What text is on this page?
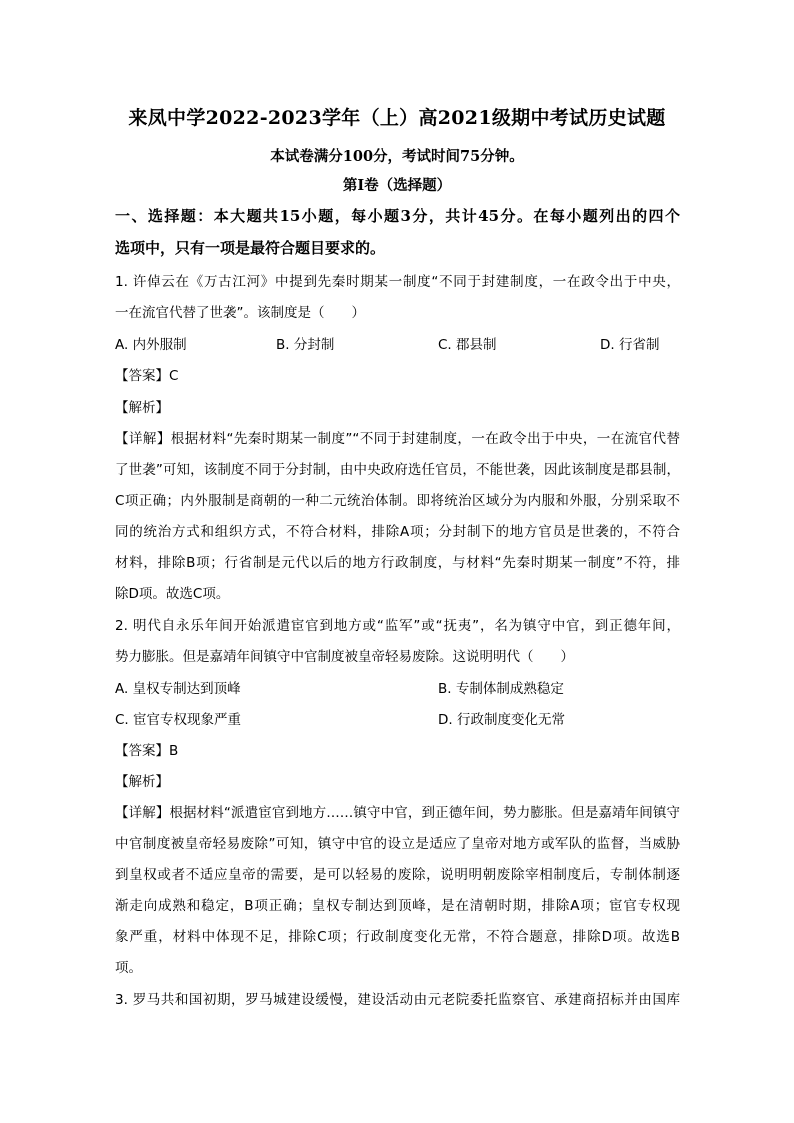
来凤中学2022-2023学年（上）高2021级期中考试历史试题
本试卷满分100分，考试时间75分钟。
第I卷（选择题）
一、选择题：本大题共15小题，每小题3分，共计45分。在每小题列出的四个
选项中，只有一项是最符合题目要求的。
1. 许倬云在《万古江河》中提到先秦时期某一制度“不同于封建制度，一在政令出于中央，
一在流官代替了世袭”。该制度是（　　）
A. 内外服制	B. 分封制	C. 郡县制	D. 行省制
【答案】C
【解析】
【详解】根据材料“先秦时期某一制度”“不同于封建制度，一在政令出于中央，一在流官代替
了世袭”可知，该制度不同于分封制，由中央政府选任官员，不能世袭，因此该制度是郡县制，
C项正确；内外服制是商朝的一种二元统治体制。即将统治区域分为内服和外服，分别采取不
同的统治方式和组织方式，不符合材料，排除A项；分封制下的地方官员是世袭的，不符合
材料，排除B项；行省制是元代以后的地方行政制度，与材料“先秦时期某一制度”不符，排
除D项。故选C项。
2. 明代自永乐年间开始派遣宦官到地方或“监军”或“抚夷”，名为镇守中官，到正德年间，
势力膨胀。但是嘉靖年间镇守中官制度被皇帝轻易废除。这说明明代（　　）
A. 皇权专制达到顶峰	B. 专制体制成熟稳定
C. 宦官专权现象严重	D. 行政制度变化无常
【答案】B
【解析】
【详解】根据材料“派遣宦官到地方……镇守中官，到正德年间，势力膨胀。但是嘉靖年间镇守
中官制度被皇帝轻易废除”可知，镇守中官的设立是适应了皇帝对地方或军队的监督，当威胁
到皇权或者不适应皇帝的需要，是可以轻易的废除，说明明朝废除宰相制度后，专制体制逐
渐走向成熟和稳定，B项正确；皇权专制达到顶峰，是在清朝时期，排除A项；宦官专权现
象严重，材料中体现不足，排除C项；行政制度变化无常，不符合题意，排除D项。故选B
项。
3. 罗马共和国初期，罗马城建设缓慢，建设活动由元老院委托监察官、承建商招标并由国库
